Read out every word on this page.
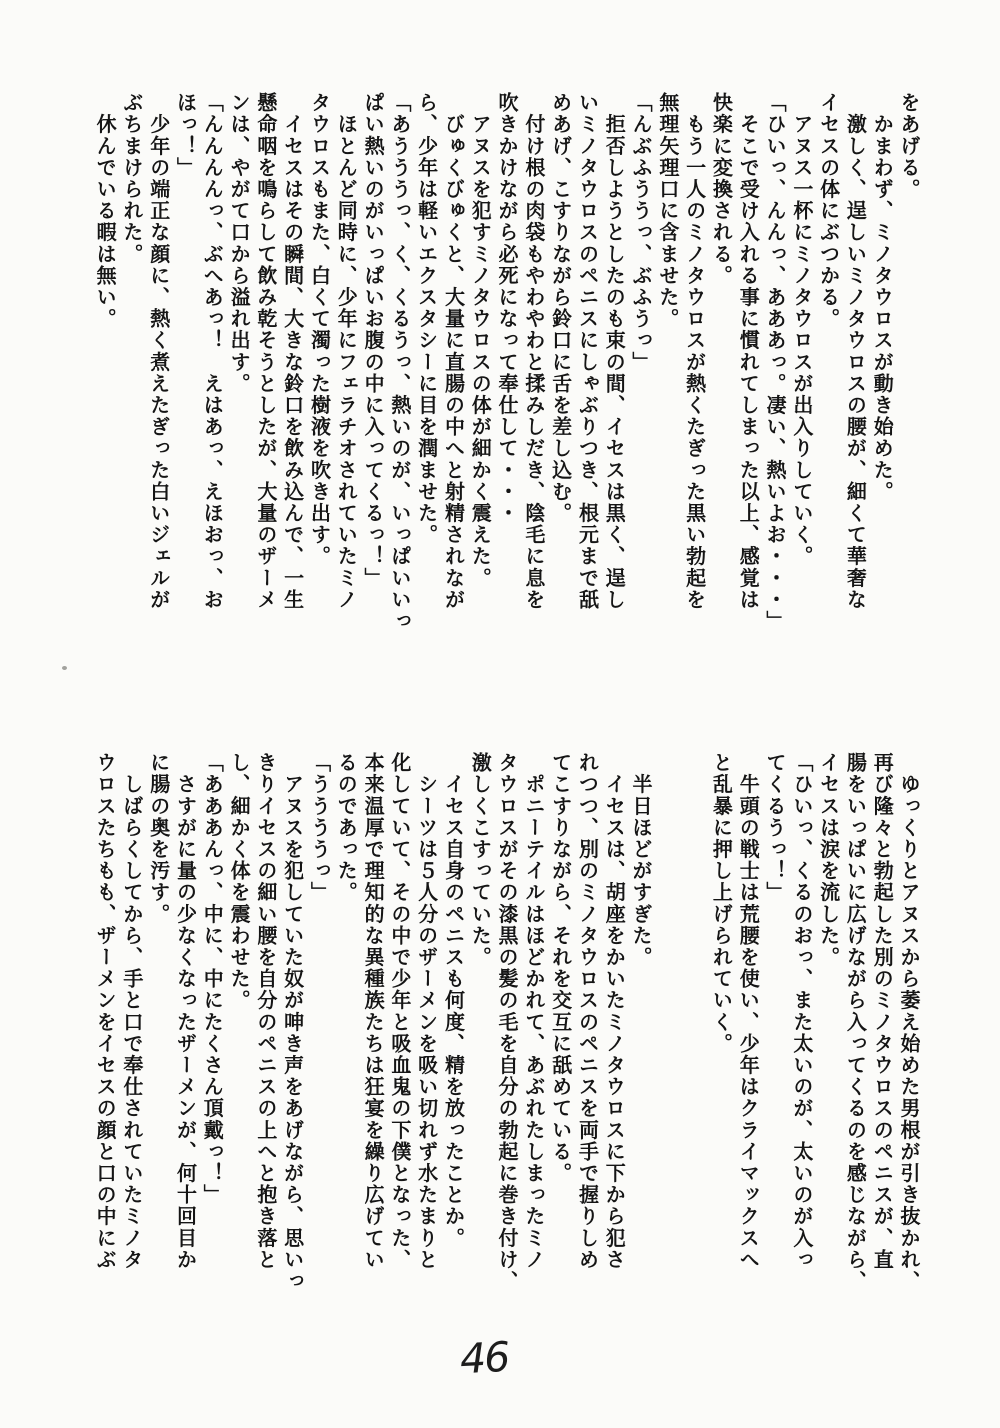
をあげる。

　かまわず、ミノタウロスが動き始めた。

　激しく、逞しいミノタウロスの腰が、細くて華奢な

イセスの体にぶつかる。

　アヌス一杯にミノタウロスが出入りしていく。

「ひいっ、んんっ、あああっ。凄い、熱いよお・・・」

　そこで受け入れる事に慣れてしまった以上、感覚は

快楽に変換される。

　もう一人のミノタウロスが熱くたぎった黒い勃起を

無理矢理口に含ませた。

「んぶふううっ、ぶふうっ」

　拒否しようとしたのも束の間、イセスは黒く、逞し

いミノタウロスのペニスにしゃぶりつき、根元まで舐

めあげ、こすりながら鈴口に舌を差し込む。

　付け根の肉袋もやわやわと揉みしだき、陰毛に息を

吹きかけながら必死になって奉仕して・・・

　アヌスを犯すミノタウロスの体が細かく震えた。

　びゅくびゅくと、大量に直腸の中へと射精されなが

ら、少年は軽いエクスタシーに目を潤ませた。

「あうううっ、く、くるうっ、熱いのが、いっぱいいっ

ぱい熱いのがいっぱいお腹の中に入ってくるっ！」

　ほとんど同時に、少年にフェラチオされていたミノ

タウロスもまた、白くて濁った樹液を吹き出す。

　イセスはその瞬間、大きな鈴口を飲み込んで、一生

懸命咽を鳴らして飲み乾そうとしたが、大量のザーメ

ンは、やがて口から溢れ出す。

「んんんんっ、ぶへあっ！　えはあっ、えほおっ、お

ほっ！」

　少年の端正な顔に、熱く煮えたぎった白いジェルが

ぶちまけられた。

　休んでいる暇は無い。

　ゆっくりとアヌスから萎え始めた男根が引き抜かれ、

再び隆々と勃起した別のミノタウロスのペニスが、直

腸をいっぱいに広げながら入ってくるのを感じながら、

イセスは涙を流した。

「ひいっ、くるのおっ、また太いのが、太いのが入っ

てくるうっ！」

　牛頭の戦士は荒腰を使い、少年はクライマックスへ

と乱暴に押し上げられていく。

　半日ほどがすぎた。

　イセスは、胡座をかいたミノタウロスに下から犯さ

れつつ、別のミノタウロスのペニスを両手で握りしめ

てこすりながら、それを交互に舐めている。

　ポニーテイルはほどかれて、あぶれたしまったミノ

タウロスがその漆黒の髪の毛を自分の勃起に巻き付け、

激しくこすっていた。

　イセス自身のペニスも何度、精を放ったことか。

　シーツは５人分のザーメンを吸い切れず水たまりと

化していて、その中で少年と吸血鬼の下僕となった、

本来温厚で理知的な異種族たちは狂宴を繰り広げてい

るのであった。

「ううううっ」

　アヌスを犯していた奴が呻き声をあげながら、思いっ

きりイセスの細い腰を自分のペニスの上へと抱き落と

し、細かく体を震わせた。

「あああんっ、中に、中にたくさん頂戴っ！」

　さすがに量の少なくなったザーメンが、何十回目か

に腸の奥を汚す。

　しばらくしてから、手と口で奉仕されていたミノタ

ウロスたちもも、ザーメンをイセスの顔と口の中にぶ

46
